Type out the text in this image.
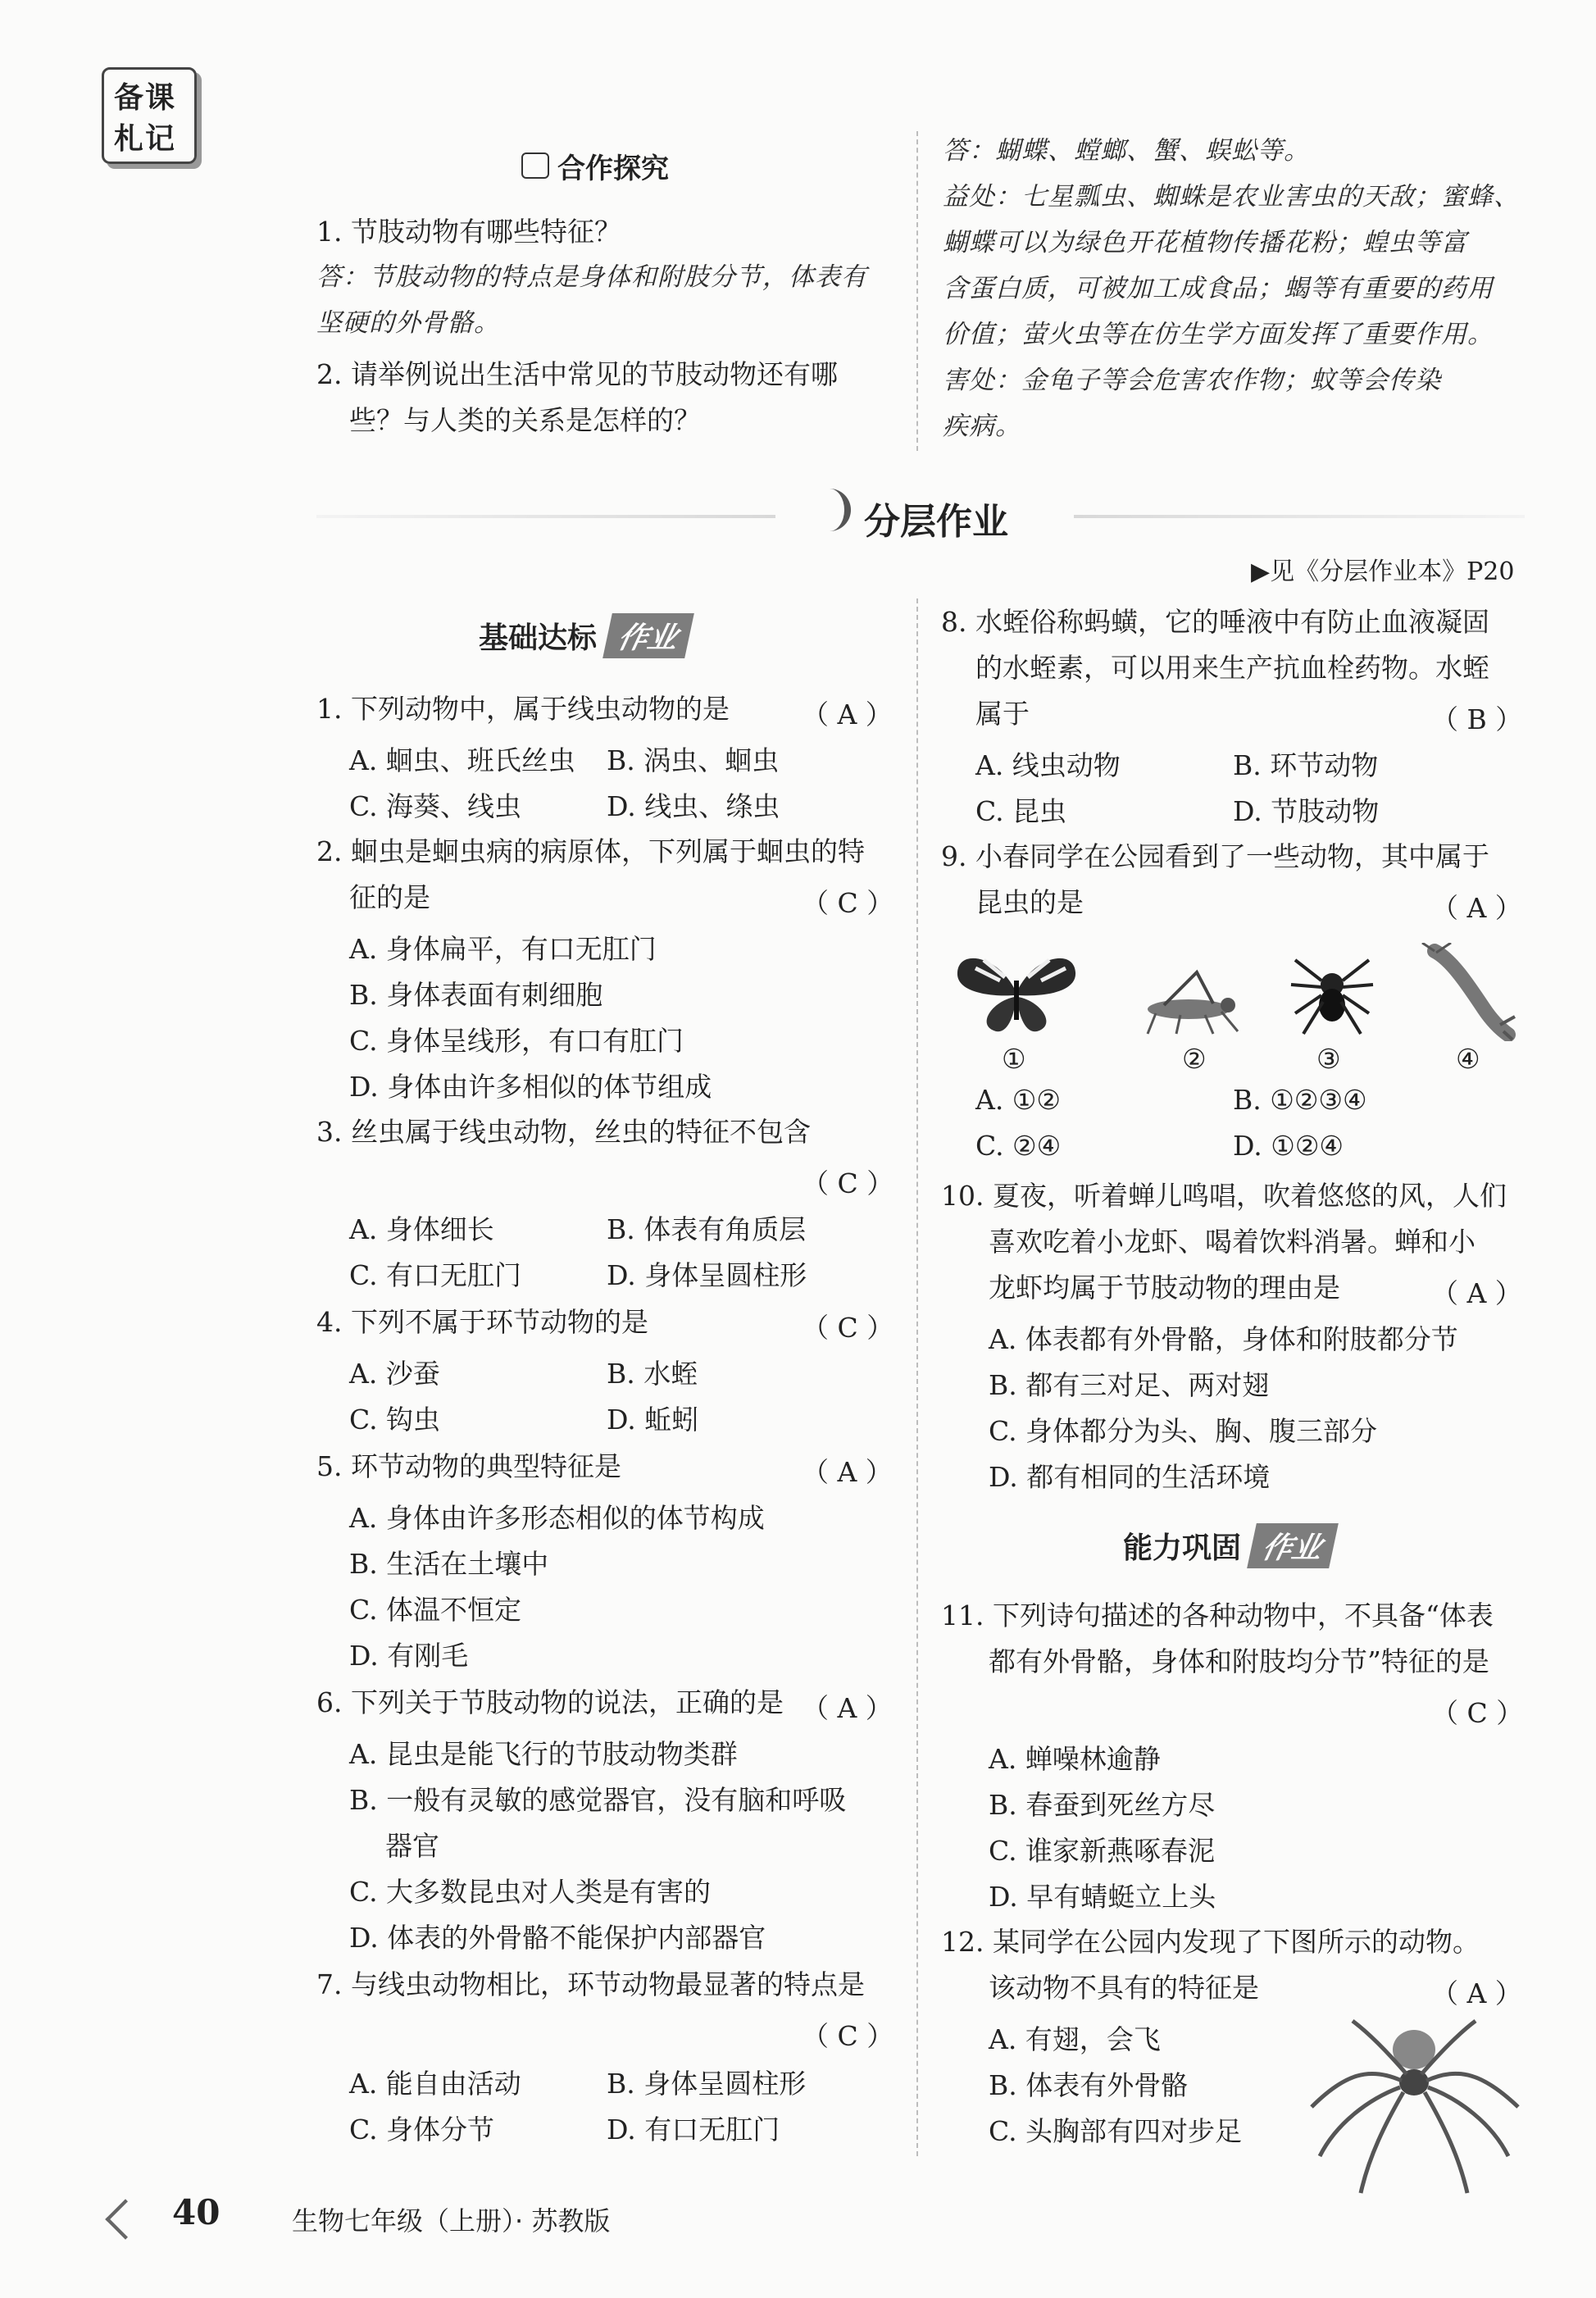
备课
札记
合作探究
1. 节肢动物有哪些特征？
答：节肢动物的特点是身体和附肢分节，体表有
坚硬的外骨骼。
2. 请举例说出生活中常见的节肢动物还有哪
些？与人类的关系是怎样的？
答：蝴蝶、螳螂、蟹、蜈蚣等。
益处：七星瓢虫、蜘蛛是农业害虫的天敌；蜜蜂、
蝴蝶可以为绿色开花植物传播花粉；蝗虫等富
含蛋白质，可被加工成食品；蝎等有重要的药用
价值；萤火虫等在仿生学方面发挥了重要作用。
害处：金龟子等会危害农作物；蚊等会传染
疾病。
分层作业
▶见《分层作业本》P20
基础达标 作业
1. 下列动物中，属于线虫动物的是	（ A ）
A. 蛔虫、班氏丝虫 B. 涡虫、蛔虫
C. 海葵、线虫	D. 线虫、绦虫
2. 蛔虫是蛔虫病的病原体，下列属于蛔虫的特
征的是	（ C ）
A. 身体扁平，有口无肛门
B. 身体表面有刺细胞
C. 身体呈线形，有口有肛门
D. 身体由许多相似的体节组成
3. 丝虫属于线虫动物，丝虫的特征不包含
（ C ）
A. 身体细长	B. 体表有角质层
C. 有口无肛门	D. 身体呈圆柱形
4. 下列不属于环节动物的是	（ C ）
A. 沙蚕	B. 水蛭
C. 钩虫	D. 蚯蚓
5. 环节动物的典型特征是	（ A ）
A. 身体由许多形态相似的体节构成
B. 生活在土壤中
C. 体温不恒定
D. 有刚毛
6. 下列关于节肢动物的说法，正确的是 （ A ）
A. 昆虫是能飞行的节肢动物类群
B. 一般有灵敏的感觉器官，没有脑和呼吸
器官
C. 大多数昆虫对人类是有害的
D. 体表的外骨骼不能保护内部器官
7. 与线虫动物相比，环节动物最显著的特点是
（ C ）
A. 能自由活动	B. 身体呈圆柱形
C. 身体分节	D. 有口无肛门
8. 水蛭俗称蚂蟥，它的唾液中有防止血液凝固
的水蛭素，可以用来生产抗血栓药物。水蛭
属于	（ B ）
A. 线虫动物	B. 环节动物
C. 昆虫	D. 节肢动物
9. 小春同学在公园看到了一些动物，其中属于
昆虫的是	（ A ）
①	②	③	④
A. ①②	B. ①②③④
C. ②④	D. ①②④
10. 夏夜，听着蝉儿鸣唱，吹着悠悠的风，人们
喜欢吃着小龙虾、喝着饮料消暑。蝉和小
龙虾均属于节肢动物的理由是	（ A ）
A. 体表都有外骨骼，身体和附肢都分节
B. 都有三对足、两对翅
C. 身体都分为头、胸、腹三部分
D. 都有相同的生活环境
能力巩固 作业
11. 下列诗句描述的各种动物中，不具备“体表
都有外骨骼，身体和附肢均分节”特征的是
（ C ）
A. 蝉噪林逾静
B. 春蚕到死丝方尽
C. 谁家新燕啄春泥
D. 早有蜻蜓立上头
12. 某同学在公园内发现了下图所示的动物。
该动物不具有的特征是	（ A ）
A. 有翅，会飞
B. 体表有外骨骼
C. 头胸部有四对步足
40	生物七年级（上册）· 苏教版
